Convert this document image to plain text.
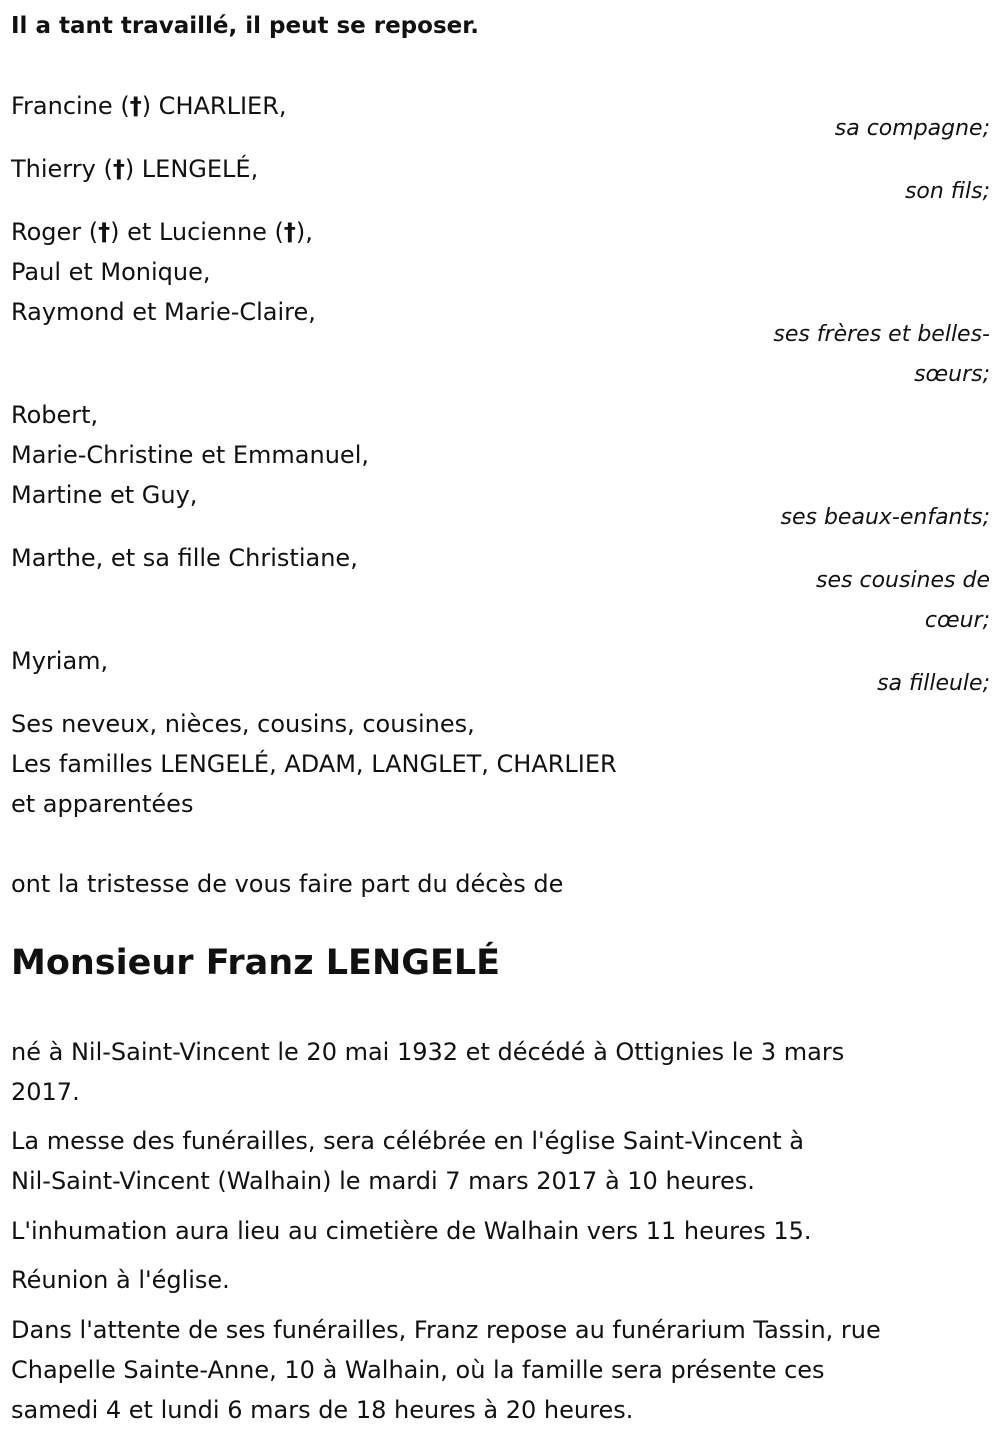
Il a tant travaillé, il peut se reposer.
Francine (†) CHARLIER,
sa compagne;
Thierry (†) LENGELÉ,
son fils;
Roger (†) et Lucienne (†),
Paul et Monique,
Raymond et Marie-Claire,
ses frères et belles-
sœurs;
Robert,
Marie-Christine et Emmanuel,
Martine et Guy,
ses beaux-enfants;
Marthe, et sa fille Christiane,
ses cousines de
cœur;
Myriam,
sa filleule;
Ses neveux, nièces, cousins, cousines,
Les familles LENGELÉ, ADAM, LANGLET, CHARLIER
et apparentées
ont la tristesse de vous faire part du décès de
Monsieur Franz LENGELÉ
né à Nil-Saint-Vincent le 20 mai 1932 et décédé à Ottignies le 3 mars
2017.
La messe des funérailles, sera célébrée en l'église Saint-Vincent à
Nil-Saint-Vincent (Walhain) le mardi 7 mars 2017 à 10 heures.
L'inhumation aura lieu au cimetière de Walhain vers 11 heures 15.
Réunion à l'église.
Dans l'attente de ses funérailles, Franz repose au funérarium Tassin, rue
Chapelle Sainte-Anne, 10 à Walhain, où la famille sera présente ces
samedi 4 et lundi 6 mars de 18 heures à 20 heures.
